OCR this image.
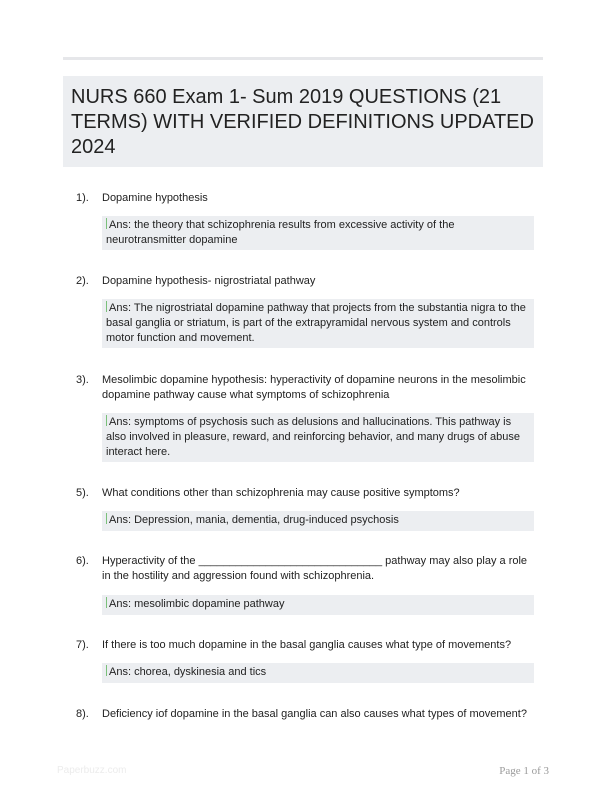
NURS 660 Exam 1- Sum 2019 QUESTIONS (21 TERMS) WITH VERIFIED DEFINITIONS UPDATED 2024
1).	Dopamine hypothesis
Ans: the theory that schizophrenia results from excessive activity of the neurotransmitter dopamine
2).	Dopamine hypothesis- nigrostriatal pathway
Ans: The nigrostriatal dopamine pathway that projects from the substantia nigra to the basal ganglia or striatum, is part of the extrapyramidal nervous system and controls motor function and movement.
3).	Mesolimbic dopamine hypothesis: hyperactivity of dopamine neurons in the mesolimbic dopamine pathway cause what symptoms of schizophrenia
Ans: symptoms of psychosis such as delusions and hallucinations. This pathway is also involved in pleasure, reward, and reinforcing behavior, and many drugs of abuse interact here.
5).	What conditions other than schizophrenia may cause positive symptoms?
Ans: Depression, mania, dementia, drug-induced psychosis
6).	Hyperactivity of the ______________________________ pathway may also play a role in the hostility and aggression found with schizophrenia.
Ans: mesolimbic dopamine pathway
7).	If there is too much dopamine in the basal ganglia causes what type of movements?
Ans: chorea, dyskinesia and tics
8).	Deficiency iof dopamine in the basal ganglia can also causes what types of movement?
Paperbuzz.com	Page 1 of 3
